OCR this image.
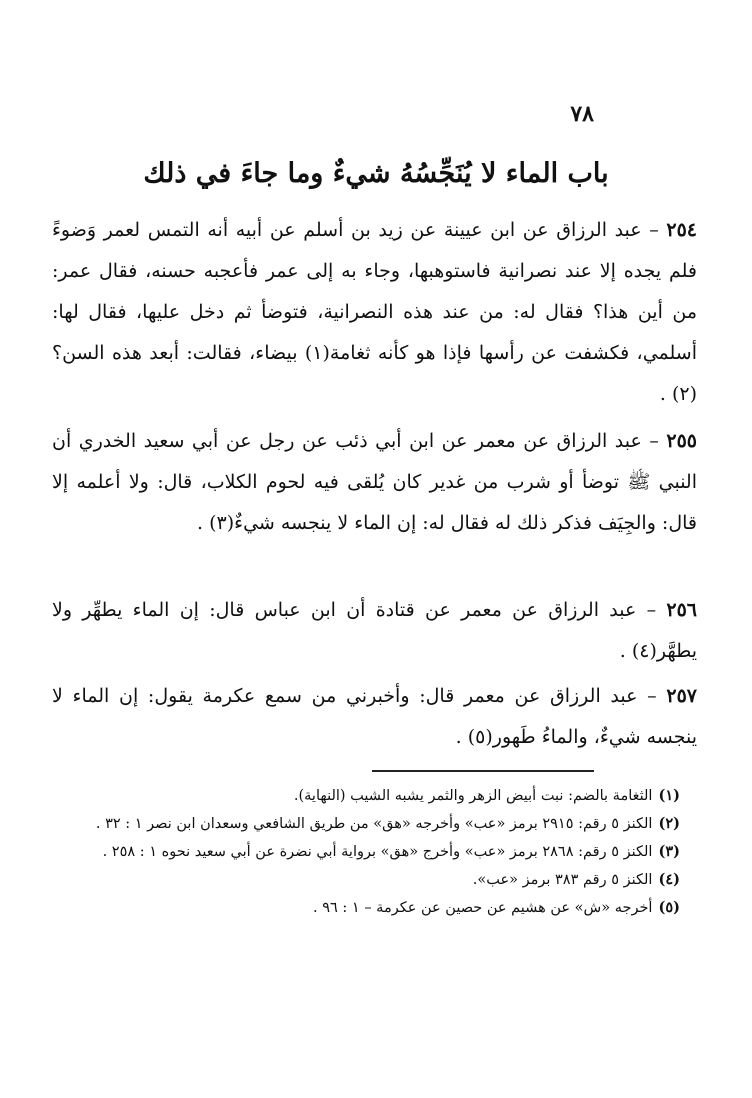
٧٨
باب الماء لا يُنَجِّسُهُ شيءٌ وما جاءَ في ذلك
٢٥٤ – عبد الرزاق عن ابن عيينة عن زيد بن أسلم عن أبيه أنه التمس لعمر وَضوءً فلم يجده إلا عند نصرانية فاستوهبها، وجاء به إلى عمر فأعجبه حسنه، فقال عمر: من أين هذا؟ فقال له: من عند هذه النصرانية، فتوضأ ثم دخل عليها، فقال لها: أسلمي، فكشفت عن رأسها فإذا هو كأنه ثغامة(١) بيضاء، فقالت: أبعد هذه السن؟(٢) .
٢٥٥ – عبد الرزاق عن معمر عن ابن أبي ذئب عن رجل عن أبي سعيد الخدري أن النبي ﷺ توضأ أو شرب من غدير كان يُلقى فيه لحوم الكلاب، قال: ولا أعلمه إلا قال: والجِيَف فذكر ذلك له فقال له: إن الماء لا ينجسه شيءٌ(٣) .
٢٥٦ – عبد الرزاق عن معمر عن قتادة أن ابن عباس قال: إن الماء يطهِّر ولا يطهَّر(٤) .
٢٥٧ – عبد الرزاق عن معمر قال: وأخبرني من سمع عكرمة يقول: إن الماء لا ينجسه شيءٌ، والماءُ طَهور(٥) .
(١)الثغامة بالضم: نبت أبيض الزهر والثمر يشبه الشيب (النهاية).
(٢)الكنز ٥ رقم: ٢٩١٥ برمز «عب» وأخرجه «هق» من طريق الشافعي وسعدان ابن نصر ١ : ٣٢ .
(٣)الكنز ٥ رقم: ٢٨٦٨ برمز «عب» وأخرج «هق» برواية أبي نضرة عن أبي سعيد نحوه ١ : ٢٥٨ .
(٤)الكنز ٥ رقم ٣٨٣ برمز «عب».
(٥)أخرجه «ش» عن هشيم عن حصين عن عكرمة – ١ : ٩٦ .
